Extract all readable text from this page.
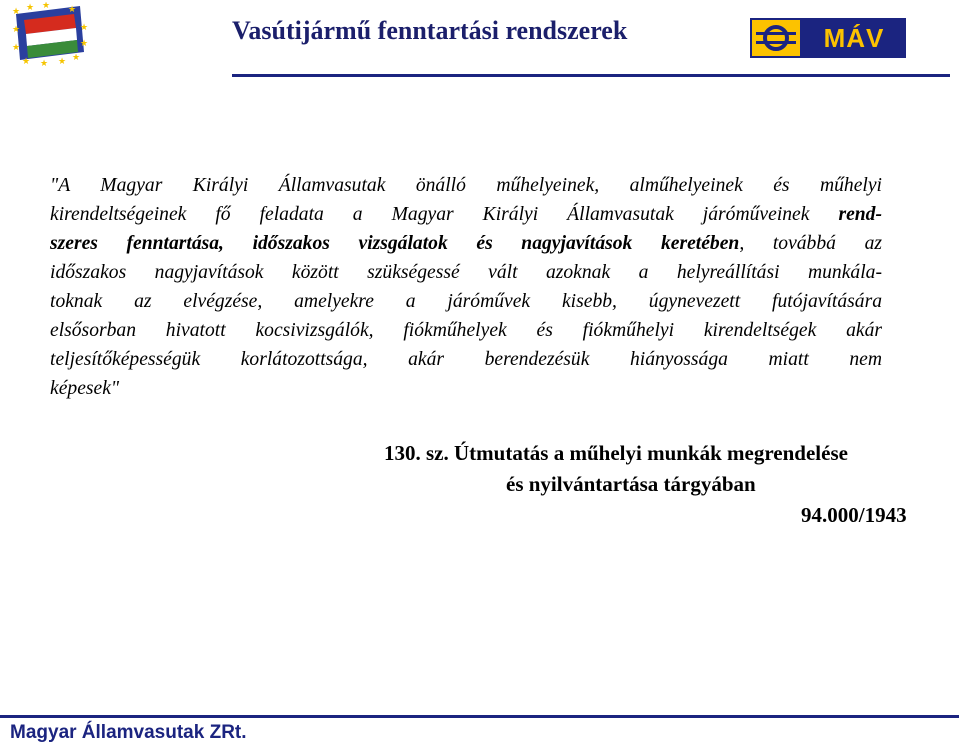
★ ★ ★
★
★
★ ★ ★ ★
★
★
★
Vasútijármű fenntartási rendszerek	MÁV
"A Magyar Királyi Államvasutak önálló műhelyeinek, alműhelyeinek és műhelyi
kirendeltségeinek fő feladata a Magyar Királyi Államvasutak járóműveinek rend-
szeres fenntartása, időszakos vizsgálatok és nagyjavítások keretében, továbbá az
időszakos nagyjavítások között szükségessé vált azoknak a helyreállítási munkála-
toknak az elvégzése, amelyekre a járóművek kisebb, úgynevezett futójavítására
elsősorban hivatott kocsivizsgálók, fiókműhelyek és fiókműhelyi kirendeltségek akár
teljesítőképességük korlátozottsága, akár berendezésük hiányossága miatt nem
képesek"
130. sz. Útmutatás a műhelyi munkák megrendelése
és nyilvántartása tárgyában
94.000/1943
Magyar Államvasutak ZRt.
